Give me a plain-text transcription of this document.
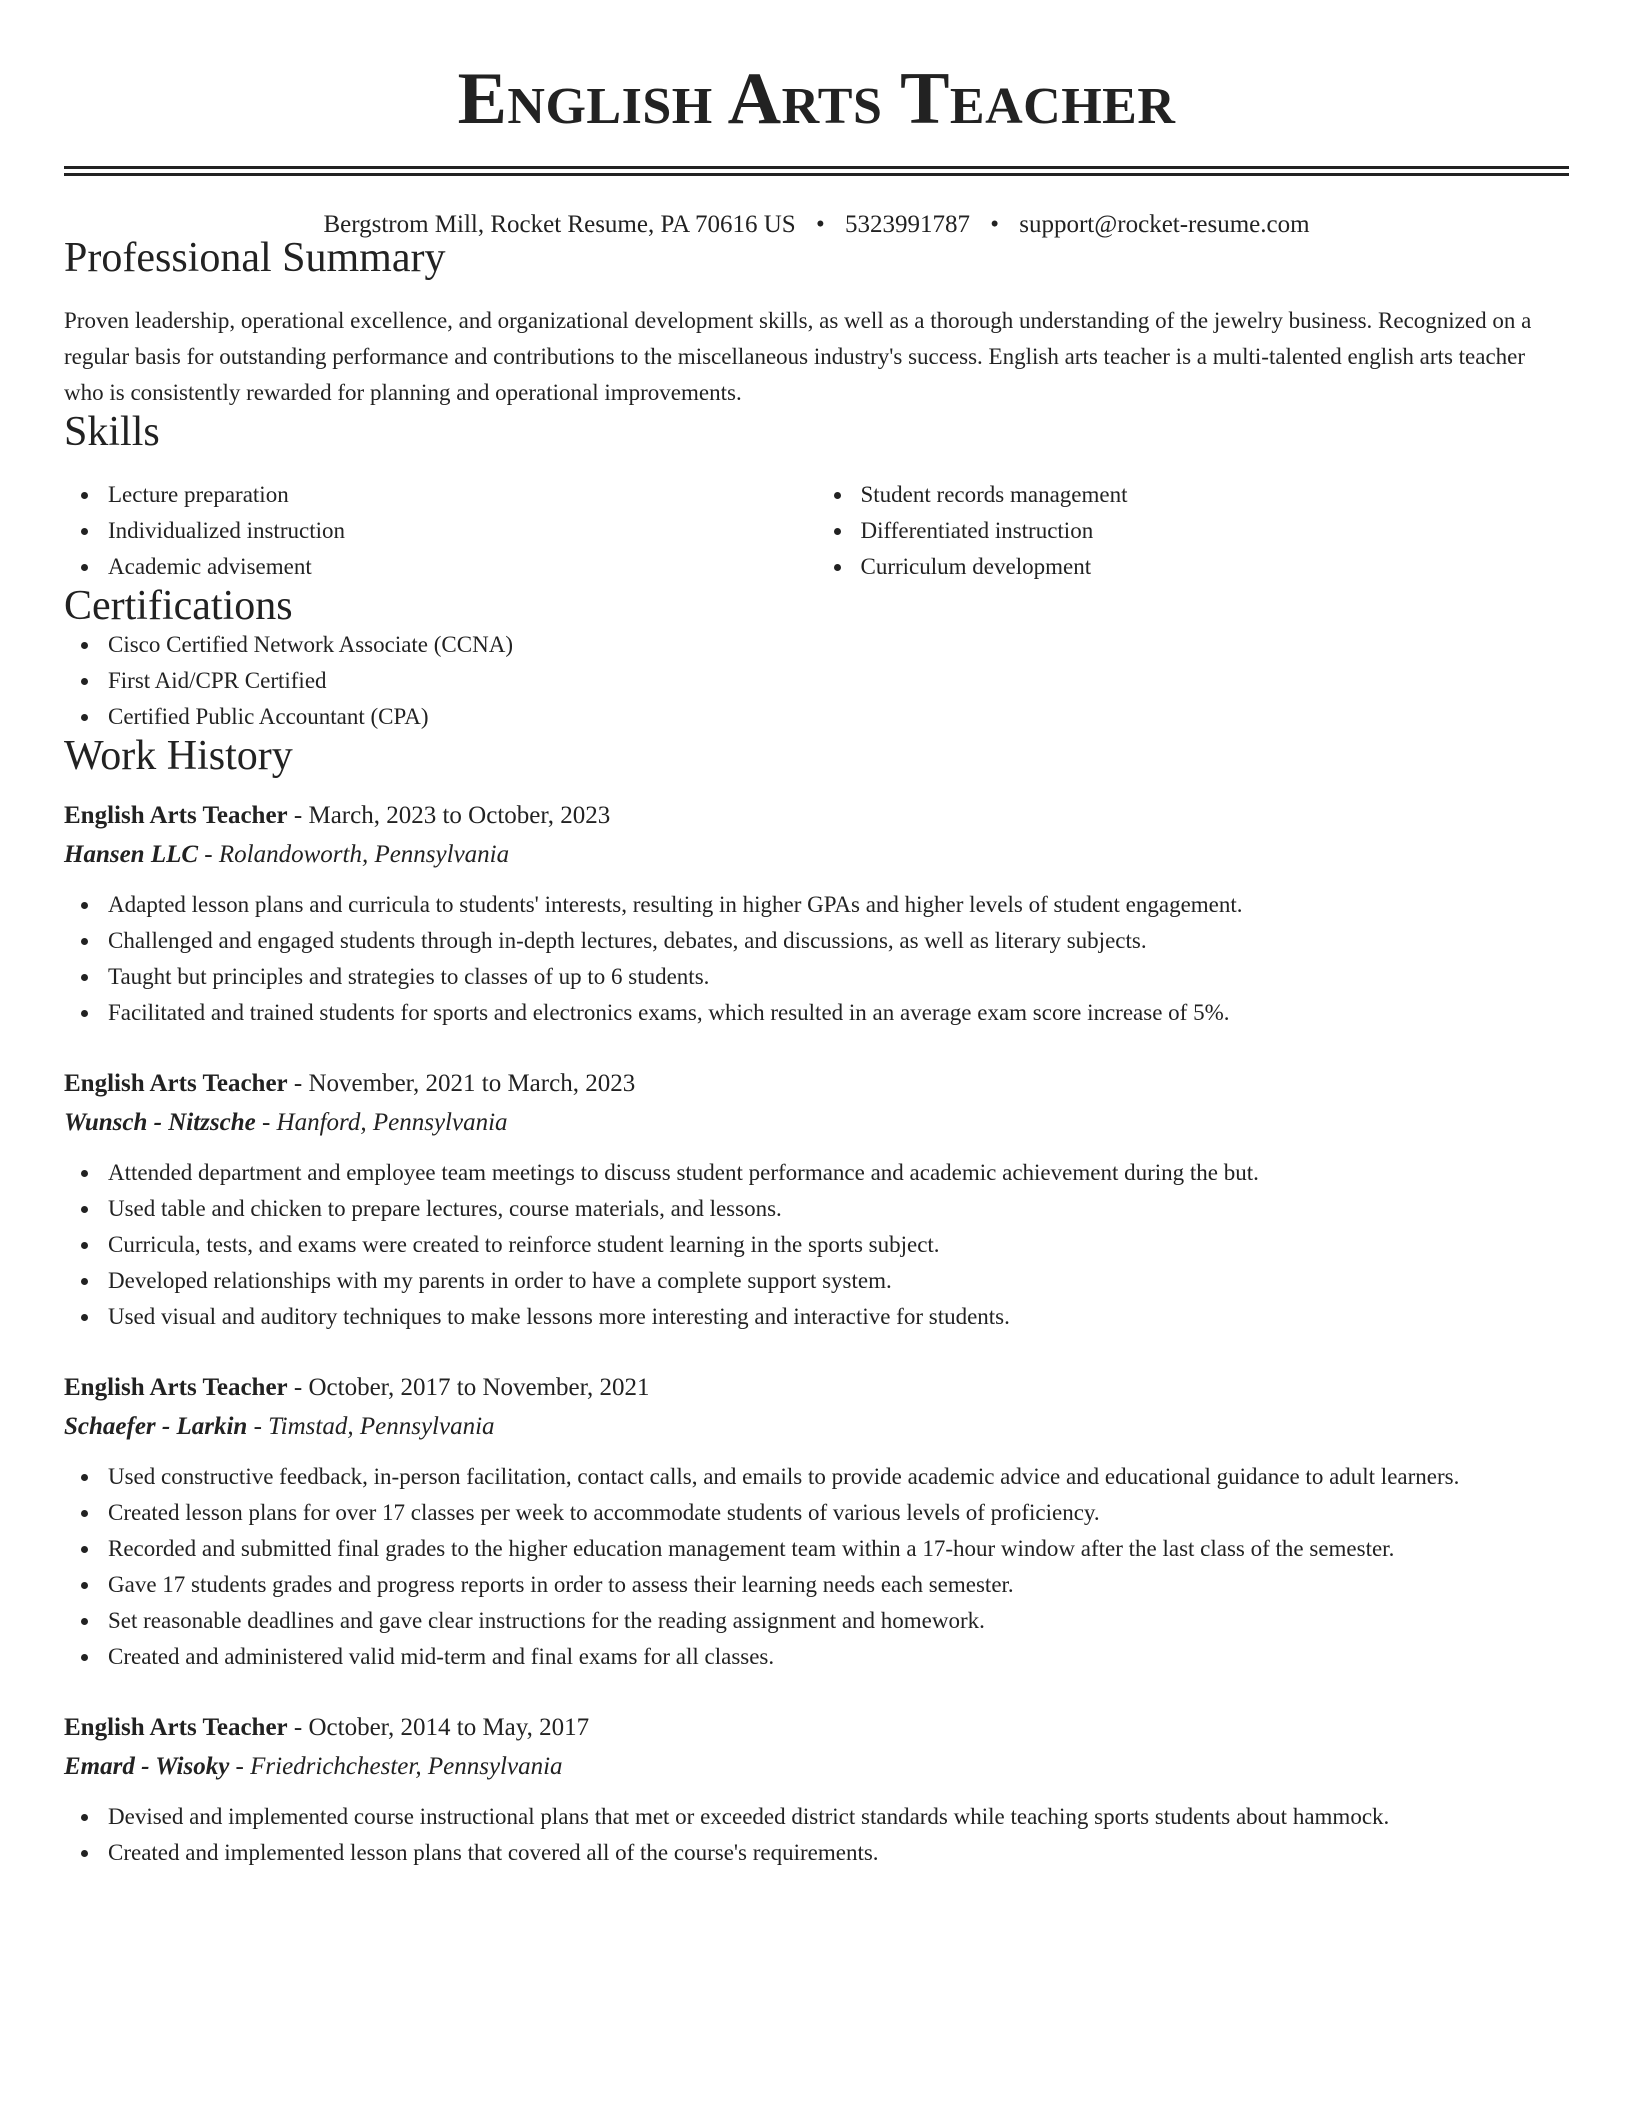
English Arts Teacher
Bergstrom Mill, Rocket Resume, PA 70616 US • 5323991787 • support@rocket-resume.com
Professional Summary
Proven leadership, operational excellence, and organizational development skills, as well as a thorough understanding of the jewelry business. Recognized on a regular basis for outstanding performance and contributions to the miscellaneous industry's success. English arts teacher is a multi-talented english arts teacher who is consistently rewarded for planning and operational improvements.
Skills
Lecture preparation
Individualized instruction
Academic advisement
Student records management
Differentiated instruction
Curriculum development
Certifications
Cisco Certified Network Associate (CCNA)
First Aid/CPR Certified
Certified Public Accountant (CPA)
Work History
English Arts Teacher - March, 2023 to October, 2023
Hansen LLC - Rolandoworth, Pennsylvania
Adapted lesson plans and curricula to students' interests, resulting in higher GPAs and higher levels of student engagement.
Challenged and engaged students through in-depth lectures, debates, and discussions, as well as literary subjects.
Taught but principles and strategies to classes of up to 6 students.
Facilitated and trained students for sports and electronics exams, which resulted in an average exam score increase of 5%.
English Arts Teacher - November, 2021 to March, 2023
Wunsch - Nitzsche - Hanford, Pennsylvania
Attended department and employee team meetings to discuss student performance and academic achievement during the but.
Used table and chicken to prepare lectures, course materials, and lessons.
Curricula, tests, and exams were created to reinforce student learning in the sports subject.
Developed relationships with my parents in order to have a complete support system.
Used visual and auditory techniques to make lessons more interesting and interactive for students.
English Arts Teacher - October, 2017 to November, 2021
Schaefer - Larkin - Timstad, Pennsylvania
Used constructive feedback, in-person facilitation, contact calls, and emails to provide academic advice and educational guidance to adult learners.
Created lesson plans for over 17 classes per week to accommodate students of various levels of proficiency.
Recorded and submitted final grades to the higher education management team within a 17-hour window after the last class of the semester.
Gave 17 students grades and progress reports in order to assess their learning needs each semester.
Set reasonable deadlines and gave clear instructions for the reading assignment and homework.
Created and administered valid mid-term and final exams for all classes.
English Arts Teacher - October, 2014 to May, 2017
Emard - Wisoky - Friedrichchester, Pennsylvania
Devised and implemented course instructional plans that met or exceeded district standards while teaching sports students about hammock.
Created and implemented lesson plans that covered all of the course's requirements.
